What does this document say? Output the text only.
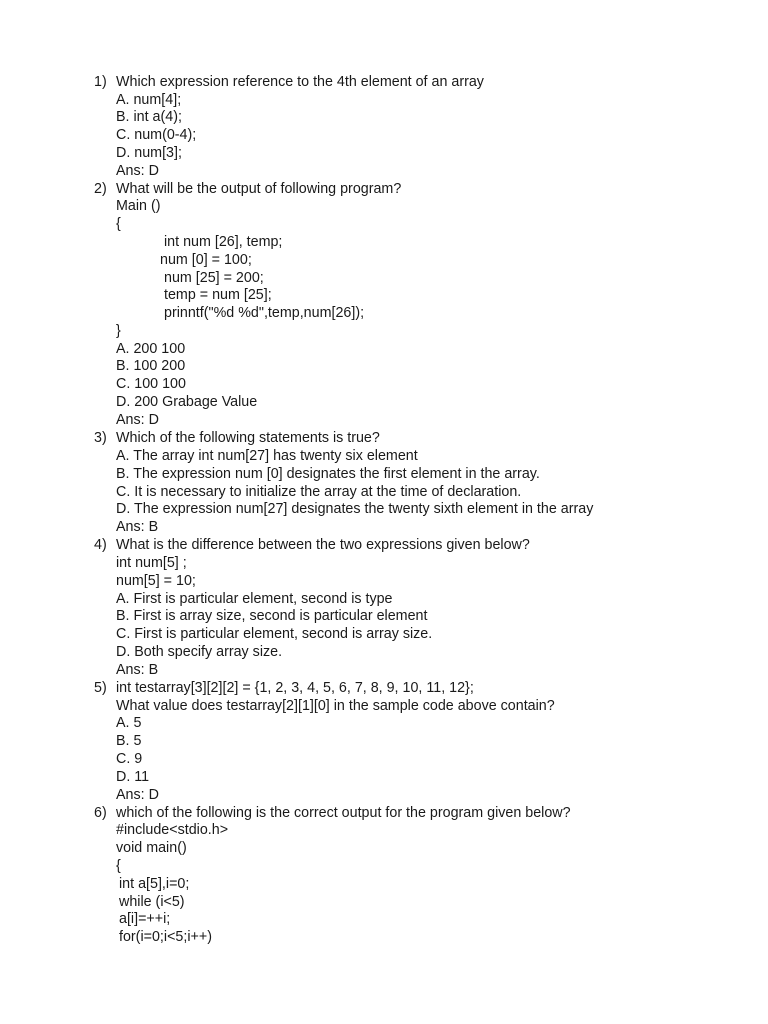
1) Which expression reference to the 4th element of an array
A. num[4];
B. int a(4);
C. num(0-4);
D. num[3];
Ans: D
2) What will be the output of following program?
Main ()
{
int num [26], temp;
num [0] = 100;
num [25] = 200;
temp = num [25];
prinntf("%d %d",temp,num[26]);
}
A. 200 100
B. 100 200
C. 100 100
D. 200 Grabage Value
Ans: D
3) Which of the following statements is true?
A. The array int num[27] has twenty six element
B. The expression num [0] designates the first element in the array.
C. It is necessary to initialize the array at the time of declaration.
D. The expression num[27] designates the twenty sixth element in the array
Ans: B
4) What is the difference between the two expressions given below?
int num[5] ;
num[5] = 10;
A. First is particular element, second is type
B. First is array size, second is particular element
C. First is particular element, second is array size.
D. Both specify array size.
Ans: B
5) int testarray[3][2][2] = {1, 2, 3, 4, 5, 6, 7, 8, 9, 10, 11, 12};
What value does testarray[2][1][0] in the sample code above contain?
A. 5
B. 5
C. 9
D. 11
Ans: D
6) which of the following is the correct output for the program given below?
#include<stdio.h>
void main()
{
int a[5],i=0;
while (i<5)
a[i]=++i;
for(i=0;i<5;i++)
